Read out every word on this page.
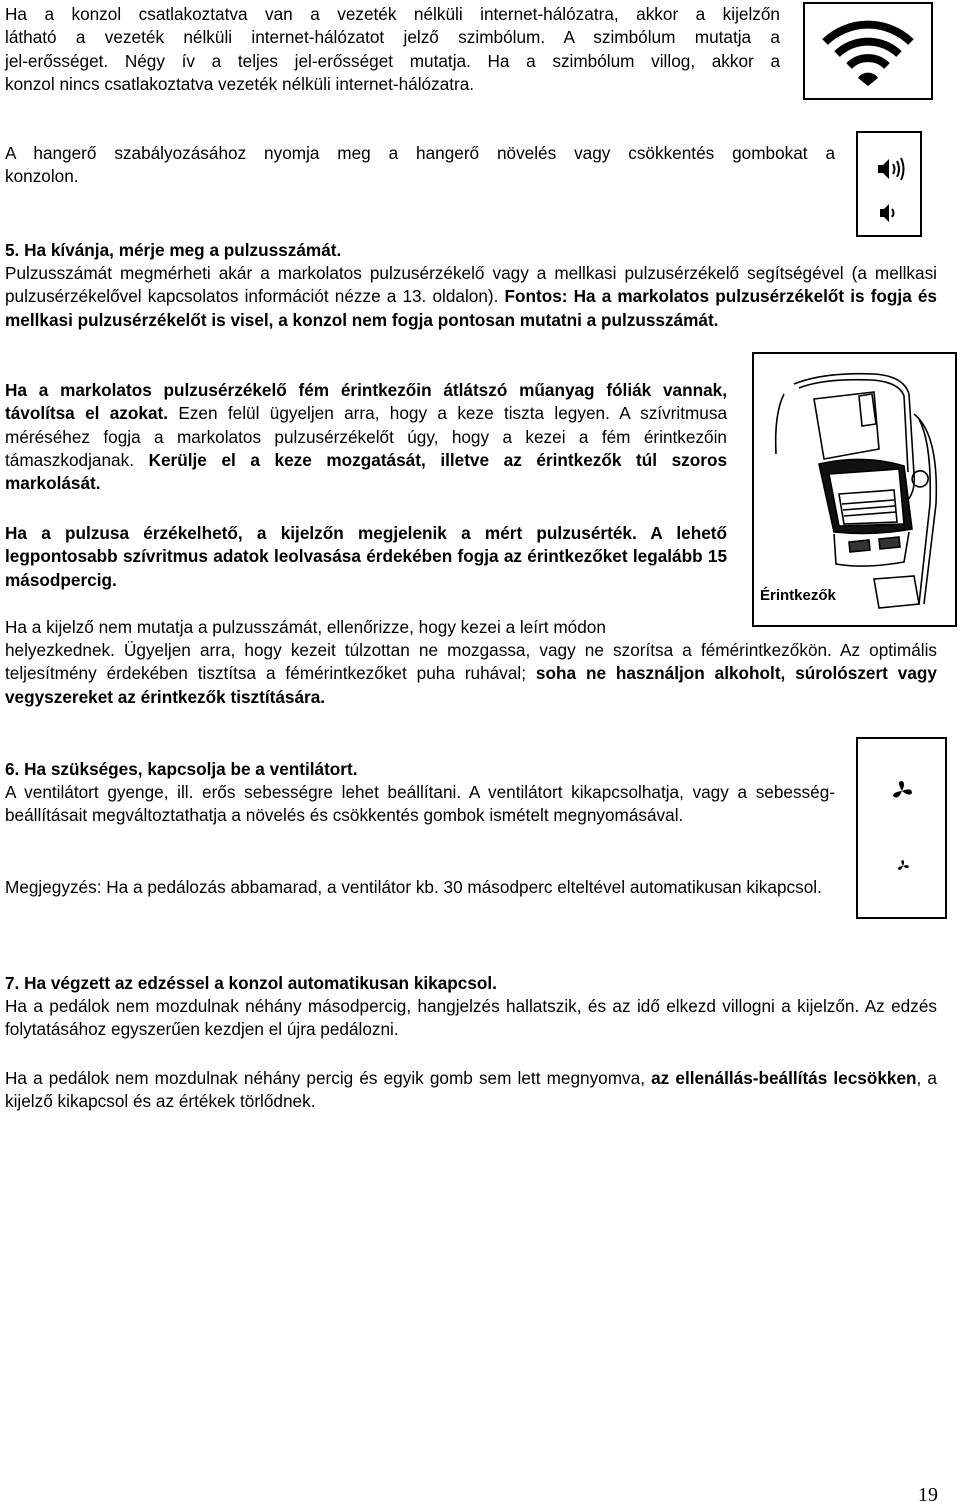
Ha a konzol csatlakoztatva van a vezeték nélküli internet-hálózatra, akkor a kijelzőn

látható a vezeték nélküli internet-hálózatot jelző szimbólum. A szimbólum mutatja a

jel-erősséget. Négy ív a teljes jel-erősséget mutatja. Ha a szimbólum villog, akkor a

konzol nincs csatlakoztatva vezeték nélküli internet-hálózatra.

A hangerő szabályozásához nyomja meg a hangerő növelés vagy csökkentés gombokat a

konzolon.

5. Ha kívánja, mérje meg a pulzusszámát.

Pulzusszámát megmérheti akár a markolatos pulzusérzékelő vagy a mellkasi pulzusérzékelő segítségével (a mellkasi pulzusérzékelővel kapcsolatos információt nézze a 13. oldalon). Fontos: Ha a markolatos pulzusérzékelőt is fogja és mellkasi pulzusérzékelőt is visel, a konzol nem fogja pontosan mutatni a pulzusszámát.
Ha a markolatos pulzusérzékelő fém érintkezőin átlátszó műanyag fóliák vannak, távolítsa el azokat. Ezen felül ügyeljen arra, hogy a keze tiszta legyen. A szívritmusa méréséhez fogja a markolatos pulzusérzékelőt úgy, hogy a kezei a fém érintkezőin támaszkodjanak. Kerülje el a keze mozgatását, illetve az érintkezők túl szoros markolását.
Ha a pulzusa érzékelhető, a kijelzőn megjelenik a mért pulzusérték. A lehető legpontosabb szívritmus adatok leolvasása érdekében fogja az érintkezőket legalább 15 másodpercig.

Ha a kijelző nem mutatja a pulzusszámát, ellenőrizze, hogy kezei a leírt módon

helyezkednek. Ügyeljen arra, hogy kezeit túlzottan ne mozgassa, vagy ne szorítsa a fémérintkezőkön. Az optimális teljesítmény érdekében tisztítsa a fémérintkezőket puha ruhával; soha ne használjon alkoholt, súrolószert vagy vegyszereket az érintkezők tisztítására.
Érintkezők

6. Ha szükséges, kapcsolja be a ventilátort.

A ventilátort gyenge, ill. erős sebességre lehet beállítani. A ventilátort kikapcsolhatja, vagy a sebesség-beállításait megváltoztathatja a növelés és csökkentés gombok ismételt megnyomásával.
Megjegyzés: Ha a pedálozás abbamarad, a ventilátor kb. 30 másodperc elteltével automatikusan kikapcsol.

7. Ha végzett az edzéssel a konzol automatikusan kikapcsol.

Ha a pedálok nem mozdulnak néhány másodpercig, hangjelzés hallatszik, és az idő elkezd villogni a kijelzőn. Az edzés folytatásához egyszerűen kezdjen el újra pedálozni.
Ha a pedálok nem mozdulnak néhány percig és egyik gomb sem lett megnyomva, az ellenállás-beállítás lecsökken, a kijelző kikapcsol és az értékek törlődnek.
19
